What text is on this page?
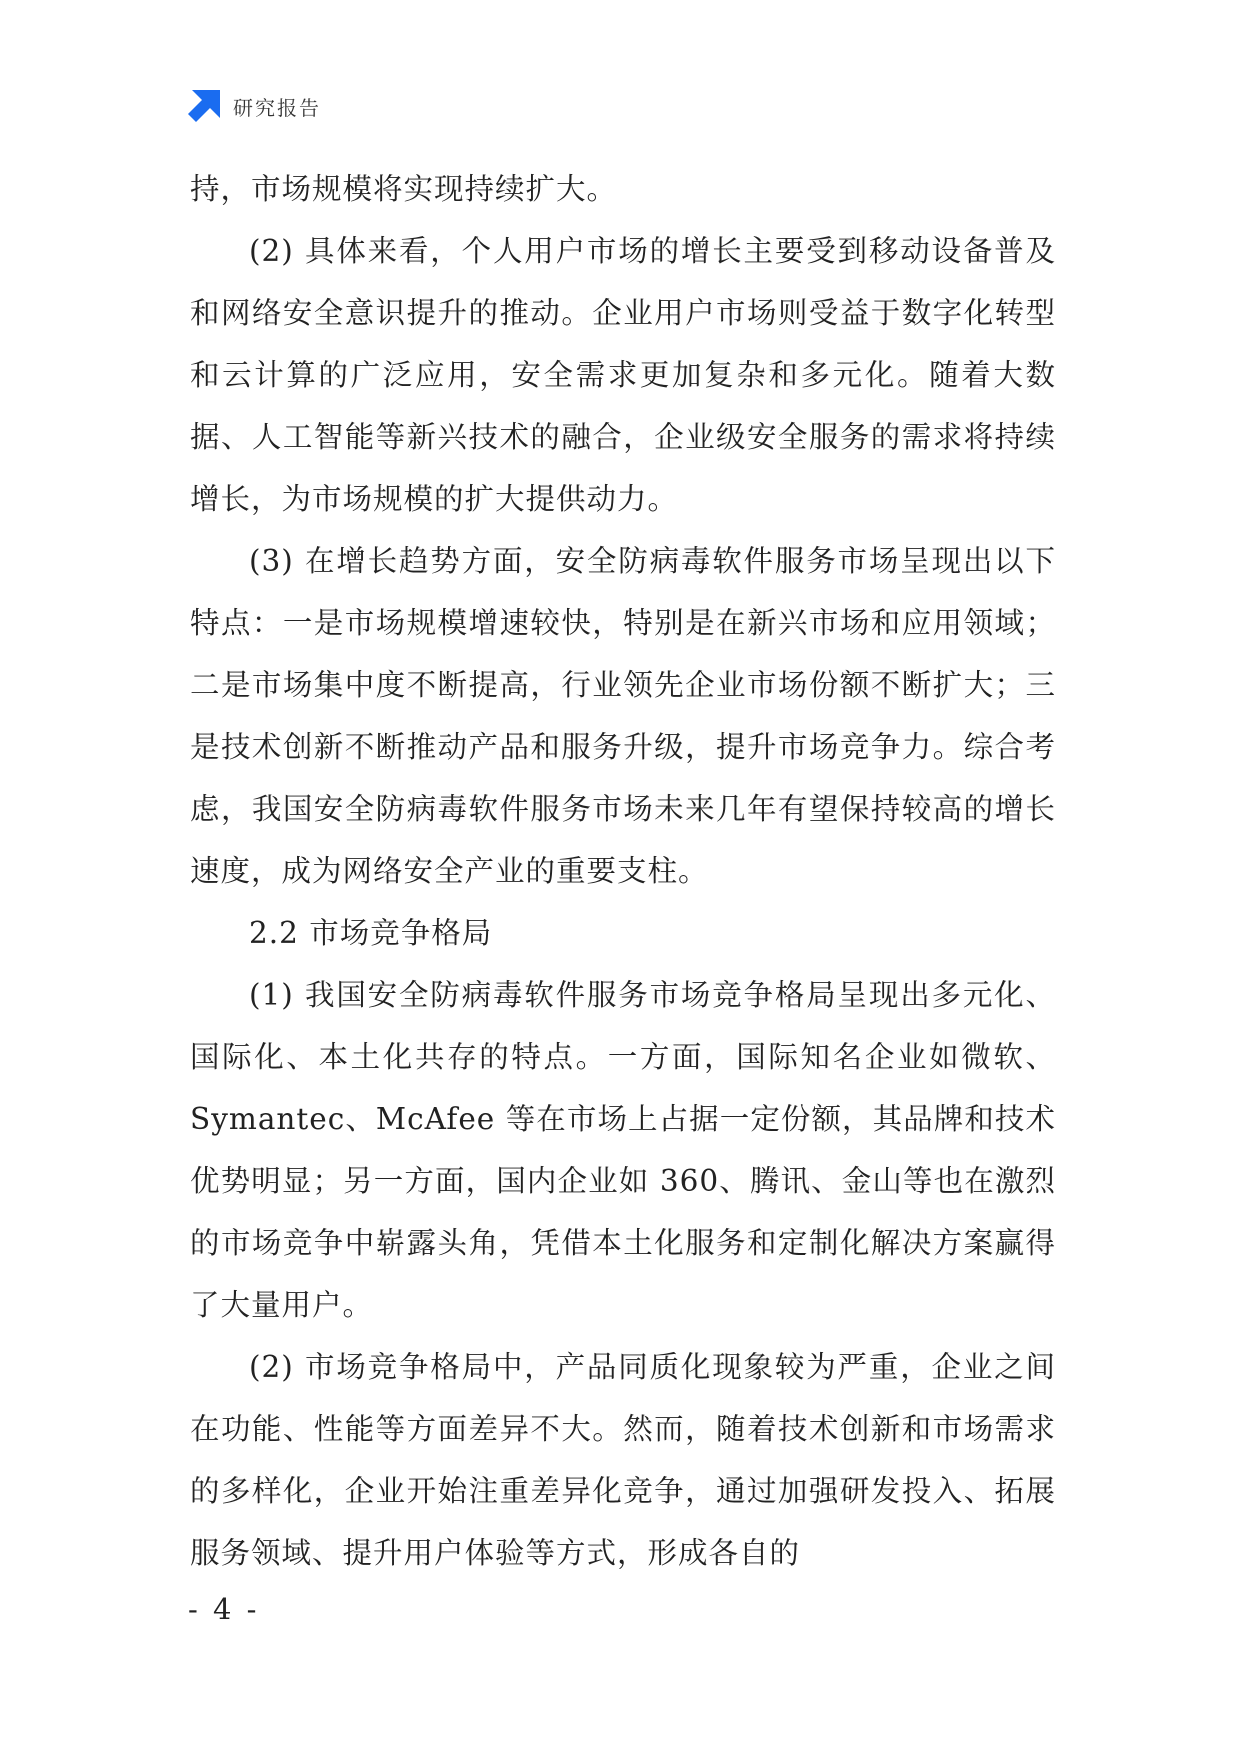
研究报告

持，市场规模将实现持续扩大。

(2) 具体来看，个人用户市场的增长主要受到移动设备普及和网络安全意识提升的推动。企业用户市场则受益于数字化转型和云计算的广泛应用，安全需求更加复杂和多元化。随着大数据、人工智能等新兴技术的融合，企业级安全服务的需求将持续增长，为市场规模的扩大提供动力。

(3) 在增长趋势方面，安全防病毒软件服务市场呈现出以下特点：一是市场规模增速较快，特别是在新兴市场和应用领域；二是市场集中度不断提高，行业领先企业市场份额不断扩大；三是技术创新不断推动产品和服务升级，提升市场竞争力。综合考虑，我国安全防病毒软件服务市场未来几年有望保持较高的增长速度，成为网络安全产业的重要支柱。

2.2 市场竞争格局

(1) 我国安全防病毒软件服务市场竞争格局呈现出多元化、国际化、本土化共存的特点。一方面，国际知名企业如微软、Symantec、McAfee 等在市场上占据一定份额，其品牌和技术优势明显；另一方面，国内企业如 360、腾讯、金山等也在激烈的市场竞争中崭露头角，凭借本土化服务和定制化解决方案赢得了大量用户。

(2) 市场竞争格局中，产品同质化现象较为严重，企业之间在功能、性能等方面差异不大。然而，随着技术创新和市场需求的多样化，企业开始注重差异化竞争，通过加强研发投入、拓展服务领域、提升用户体验等方式，形成各自的

- 4 -
